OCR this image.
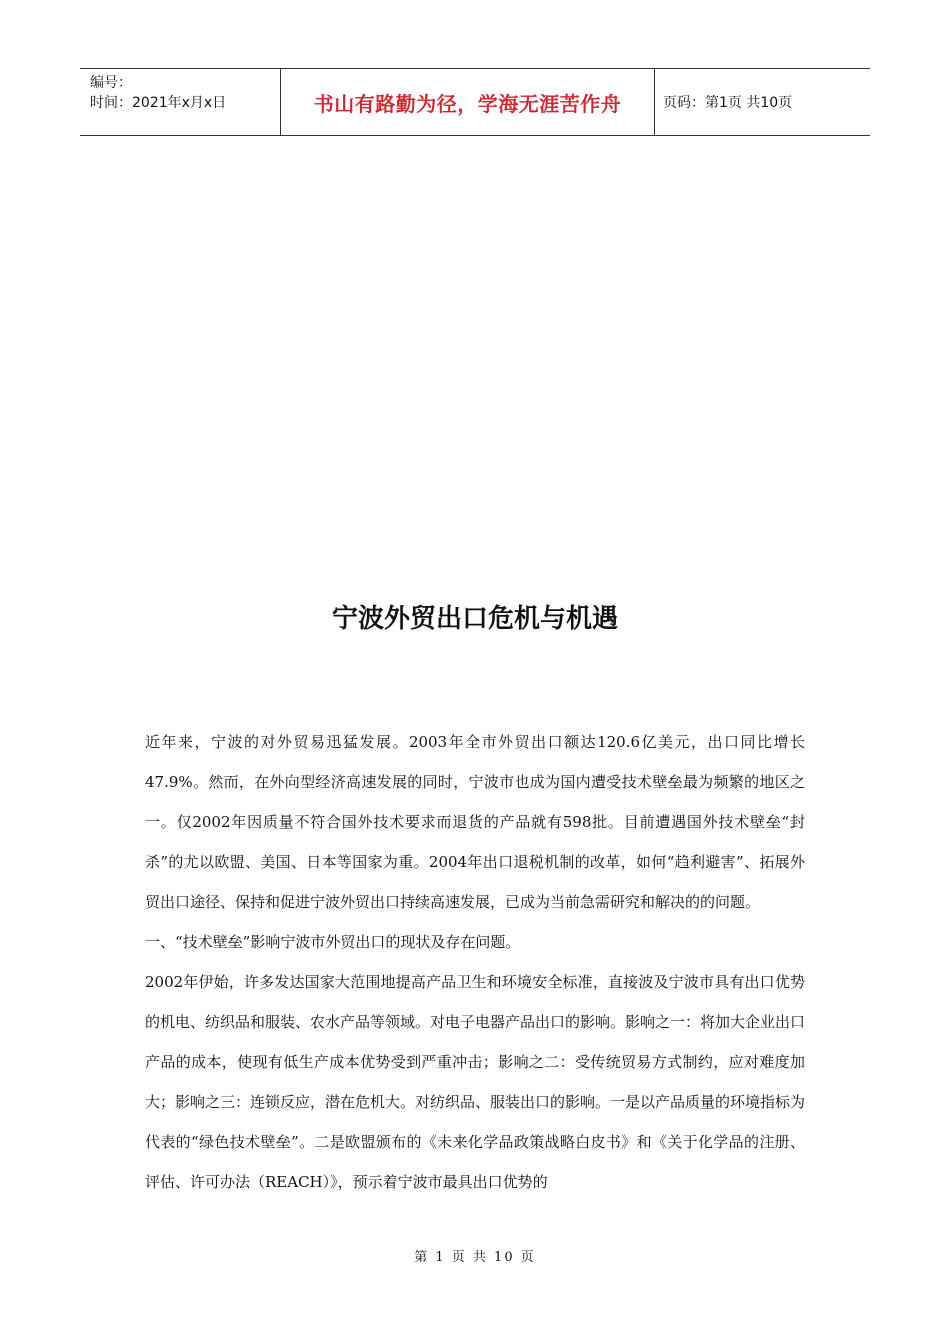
编号：
时间：2021年x月x日	书山有路勤为径，学海无涯苦作舟	页码：第1页 共10页
宁波外贸出口危机与机遇

近年来，宁波的对外贸易迅猛发展。2003年全市外贸出口额达120.6亿美元，出口同比增长47.9%。然而，在外向型经济高速发展的同时，宁波市也成为国内遭受技术壁垒最为频繁的地区之一。仅2002年因质量不符合国外技术要求而退货的产品就有598批。目前遭遇国外技术壁垒“封杀”的尤以欧盟、美国、日本等国家为重。2004年出口退税机制的改革，如何“趋利避害”、拓展外贸出口途径、保持和促进宁波外贸出口持续高速发展，已成为当前急需研究和解决的的问题。

一、“技术壁垒”影响宁波市外贸出口的现状及存在问题。

2002年伊始，许多发达国家大范围地提高产品卫生和环境安全标准，直接波及宁波市具有出口优势的机电、纺织品和服装、农水产品等领域。对电子电器产品出口的影响。影响之一：将加大企业出口产品的成本，使现有低生产成本优势受到严重冲击；影响之二：受传统贸易方式制约，应对难度加大；影响之三：连锁反应，潜在危机大。对纺织品、服装出口的影响。一是以产品质量的环境指标为代表的“绿色技术壁垒”。二是欧盟颁布的《未来化学品政策战略白皮书》和《关于化学品的注册、评估、许可办法（REACH）》，预示着宁波市最具出口优势的

第 1 页 共 10 页
